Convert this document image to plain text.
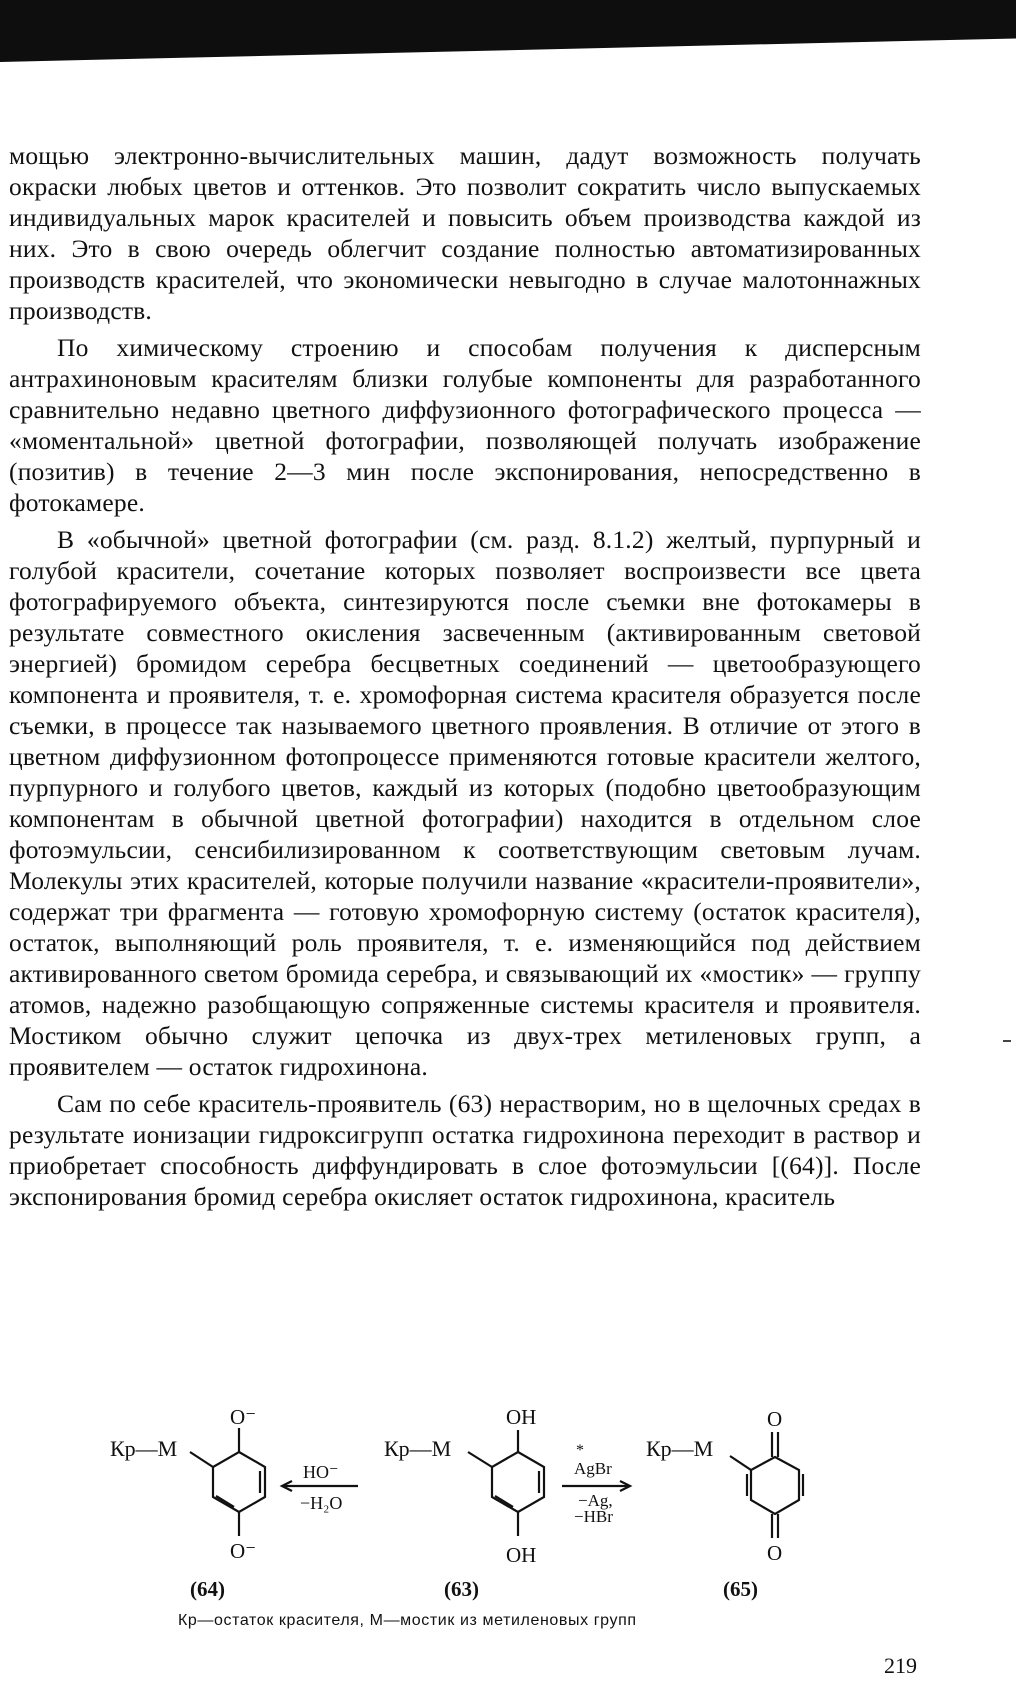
мощью электронно-вычислительных машин, дадут возможность получать окраски любых цветов и оттенков. Это позволит сократить число выпускаемых индивидуальных марок красителей и повысить объем производства каждой из них. Это в свою очередь облегчит создание полностью автоматизированных производств красителей, что экономически невыгодно в случае малотоннажных производств.

По химическому строению и способам получения к дисперсным антрахиноновым красителям близки голубые компоненты для разработанного сравнительно недавно цветного диффузионного фотографического процесса — «моментальной» цветной фотографии, позволяющей получать изображение (позитив) в течение 2—3 мин после экспонирования, непосредственно в фотокамере.

В «обычной» цветной фотографии (см. разд. 8.1.2) желтый, пурпурный и голубой красители, сочетание которых позволяет воспроизвести все цвета фотографируемого объекта, синтезируются после съемки вне фотокамеры в результате совместного окисления засвеченным (активированным световой энергией) бромидом серебра бесцветных соединений — цветообразующего компонента и проявителя, т. е. хромофорная система красителя образуется после съемки, в процессе так называемого цветного проявления. В отличие от этого в цветном диффузионном фотопроцессе применяются готовые красители желтого, пурпурного и голубого цветов, каждый из которых (подобно цветообразующим компонентам в обычной цветной фотографии) находится в отдельном слое фотоэмульсии, сенсибилизированном к соответствующим световым лучам. Молекулы этих красителей, которые получили название «красители-проявители», содержат три фрагмента — готовую хромофорную систему (остаток красителя), остаток, выполняющий роль проявителя, т. е. изменяющийся под действием активированного светом бромида серебра, и связывающий их «мостик» — группу атомов, надежно разобщающую сопряженные системы красителя и проявителя. Мостиком обычно служит цепочка из двух-трех метиленовых групп, а проявителем — остаток гидрохинона.

Сам по себе краситель-проявитель (63) нерастворим, но в щелочных средах в результате ионизации гидроксигрупп остатка гидрохинона переходит в раствор и приобретает способность диффундировать в слое фотоэмульсии [(64)]. После экспонирования бромид серебра окисляет остаток гидрохинона, краситель

O⁻
O⁻
Кр—М
(64)
HO⁻
−H₂O
OH
OH
Кр—М
(63)
*
AgBr
−Ag,
−HBr
O
O
Кр—М
(65)
Кр—остаток красителя, М—мостик из метиленовых групп
219
